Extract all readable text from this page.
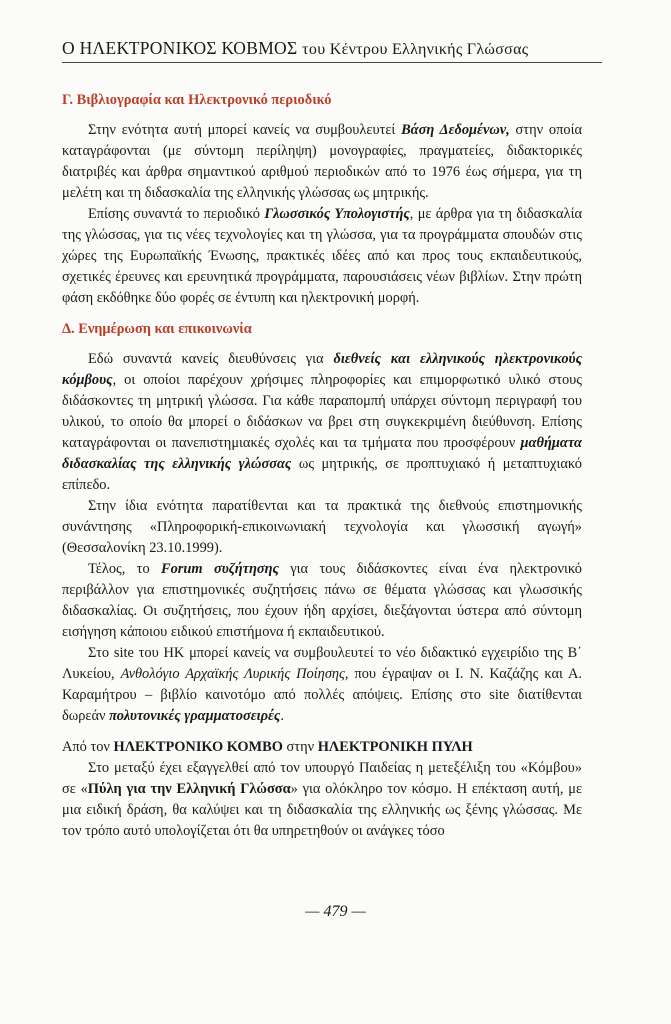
Ο ΗΛΕΚΤΡΟΝΙΚΟΣ ΚΟΒΜΟΣ του Κέντρου Ελληνικής Γλώσσας
Γ. Βιβλιογραφία και Ηλεκτρονικό περιοδικό

Στην ενότητα αυτή μπορεί κανείς να συμβουλευτεί Βάση Δεδομένων, στην οποία καταγράφονται (με σύντομη περίληψη) μονογραφίες, πραγματείες, διδακτορικές διατριβές και άρθρα σημαντικού αριθμού περιοδικών από το 1976 έως σήμερα, για τη μελέτη και τη διδασκαλία της ελληνικής γλώσσας ως μητρικής.

Επίσης συναντά το περιοδικό Γλωσσικός Υπολογιστής, με άρθρα για τη διδασκαλία της γλώσσας, για τις νέες τεχνολογίες και τη γλώσσα, για τα προγράμματα σπουδών στις χώρες της Ευρωπαϊκής Ένωσης, πρακτικές ιδέες από και προς τους εκπαιδευτικούς, σχετικές έρευνες και ερευνητικά προγράμματα, παρουσιάσεις νέων βιβλίων. Στην πρώτη φάση εκδόθηκε δύο φορές σε έντυπη και ηλεκτρονική μορφή.

Δ. Ενημέρωση και επικοινωνία

Εδώ συναντά κανείς διευθύνσεις για διεθνείς και ελληνικούς ηλεκτρονικούς κόμβους, οι οποίοι παρέχουν χρήσιμες πληροφορίες και επιμορφωτικό υλικό στους διδάσκοντες τη μητρική γλώσσα. Για κάθε παραπομπή υπάρχει σύντομη περιγραφή του υλικού, το οποίο θα μπορεί ο διδάσκων να βρει στη συγκεκριμένη διεύθυνση. Επίσης καταγράφονται οι πανεπιστημιακές σχολές και τα τμήματα που προσφέρουν μαθήματα διδασκαλίας της ελληνικής γλώσσας ως μητρικής, σε προπτυχιακό ή μεταπτυχιακό επίπεδο.

Στην ίδια ενότητα παρατίθενται και τα πρακτικά της διεθνούς επιστημονικής συνάντησης «Πληροφορική-επικοινωνιακή τεχνολογία και γλωσσική αγωγή» (Θεσσαλονίκη 23.10.1999).

Τέλος, το Forum συζήτησης για τους διδάσκοντες είναι ένα ηλεκτρονικό περιβάλλον για επιστημονικές συζητήσεις πάνω σε θέματα γλώσσας και γλωσσικής διδασκαλίας. Οι συζητήσεις, που έχουν ήδη αρχίσει, διεξάγονται ύστερα από σύντομη εισήγηση κάποιου ειδικού επιστήμονα ή εκπαιδευτικού.

Στο site του ΗΚ μπορεί κανείς να συμβουλευτεί το νέο διδακτικό εγχειρίδιο της Β΄ Λυκείου, Ανθολόγιο Αρχαϊκής Λυρικής Ποίησης, που έγραψαν οι Ι. Ν. Καζάζης και Α. Καραμήτρου – βιβλίο καινοτόμο από πολλές απόψεις. Επίσης στο site διατίθενται δωρεάν πολυτονικές γραμματοσειρές.

Από τον ΗΛΕΚΤΡΟΝΙΚΟ ΚΟΜΒΟ στην ΗΛΕΚΤΡΟΝΙΚΗ ΠΥΛΗ

Στο μεταξύ έχει εξαγγελθεί από τον υπουργό Παιδείας η μετεξέλιξη του «Κόμβου» σε «Πύλη για την Ελληνική Γλώσσα» για ολόκληρο τον κόσμο. Η επέκταση αυτή, με μια ειδική δράση, θα καλύψει και τη διδασκαλία της ελληνικής ως ξένης γλώσσας. Με τον τρόπο αυτό υπολογίζεται ότι θα υπηρετηθούν οι ανάγκες τόσο

— 479 —
